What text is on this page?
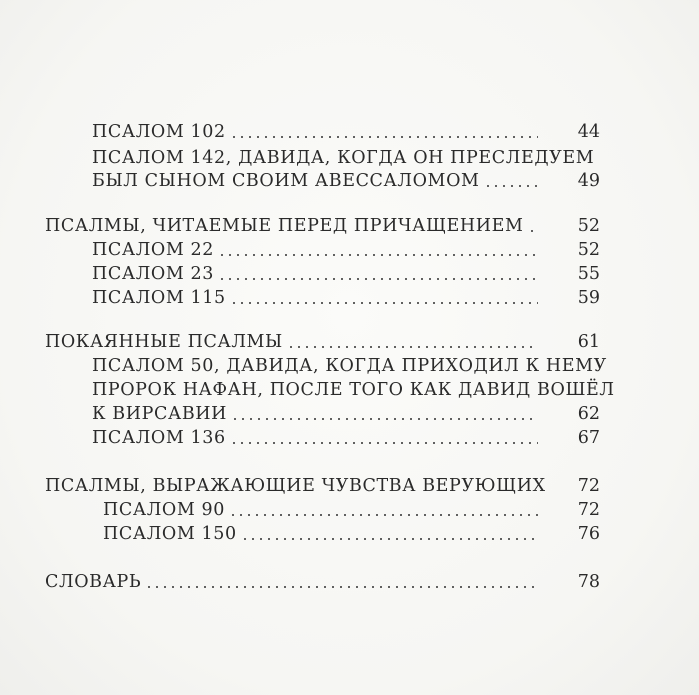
ПСАЛОМ 102	44
ПСАЛОМ 142, ДАВИДА, КОГДА ОН ПРЕСЛЕДУЕМ
БЫЛ СЫНОМ СВОИМ АВЕССАЛОМОМ	49
ПСАЛМЫ, ЧИТАЕМЫЕ ПЕРЕД ПРИЧАЩЕНИЕМ	52
ПСАЛОМ 22	52
ПСАЛОМ 23	55
ПСАЛОМ 115	59
ПОКАЯННЫЕ ПСАЛМЫ	61
ПСАЛОМ 50, ДАВИДА, КОГДА ПРИХОДИЛ К НЕМУ
ПРОРОК НАФАН, ПОСЛЕ ТОГО КАК ДАВИД ВОШЁЛ
К ВИРСАВИИ	62
ПСАЛОМ 136	67
ПСАЛМЫ, ВЫРАЖАЮЩИЕ ЧУВСТВА ВЕРУЮЩИХ	72
ПСАЛОМ 90	72
ПСАЛОМ 150	76
СЛОВАРЬ	78
